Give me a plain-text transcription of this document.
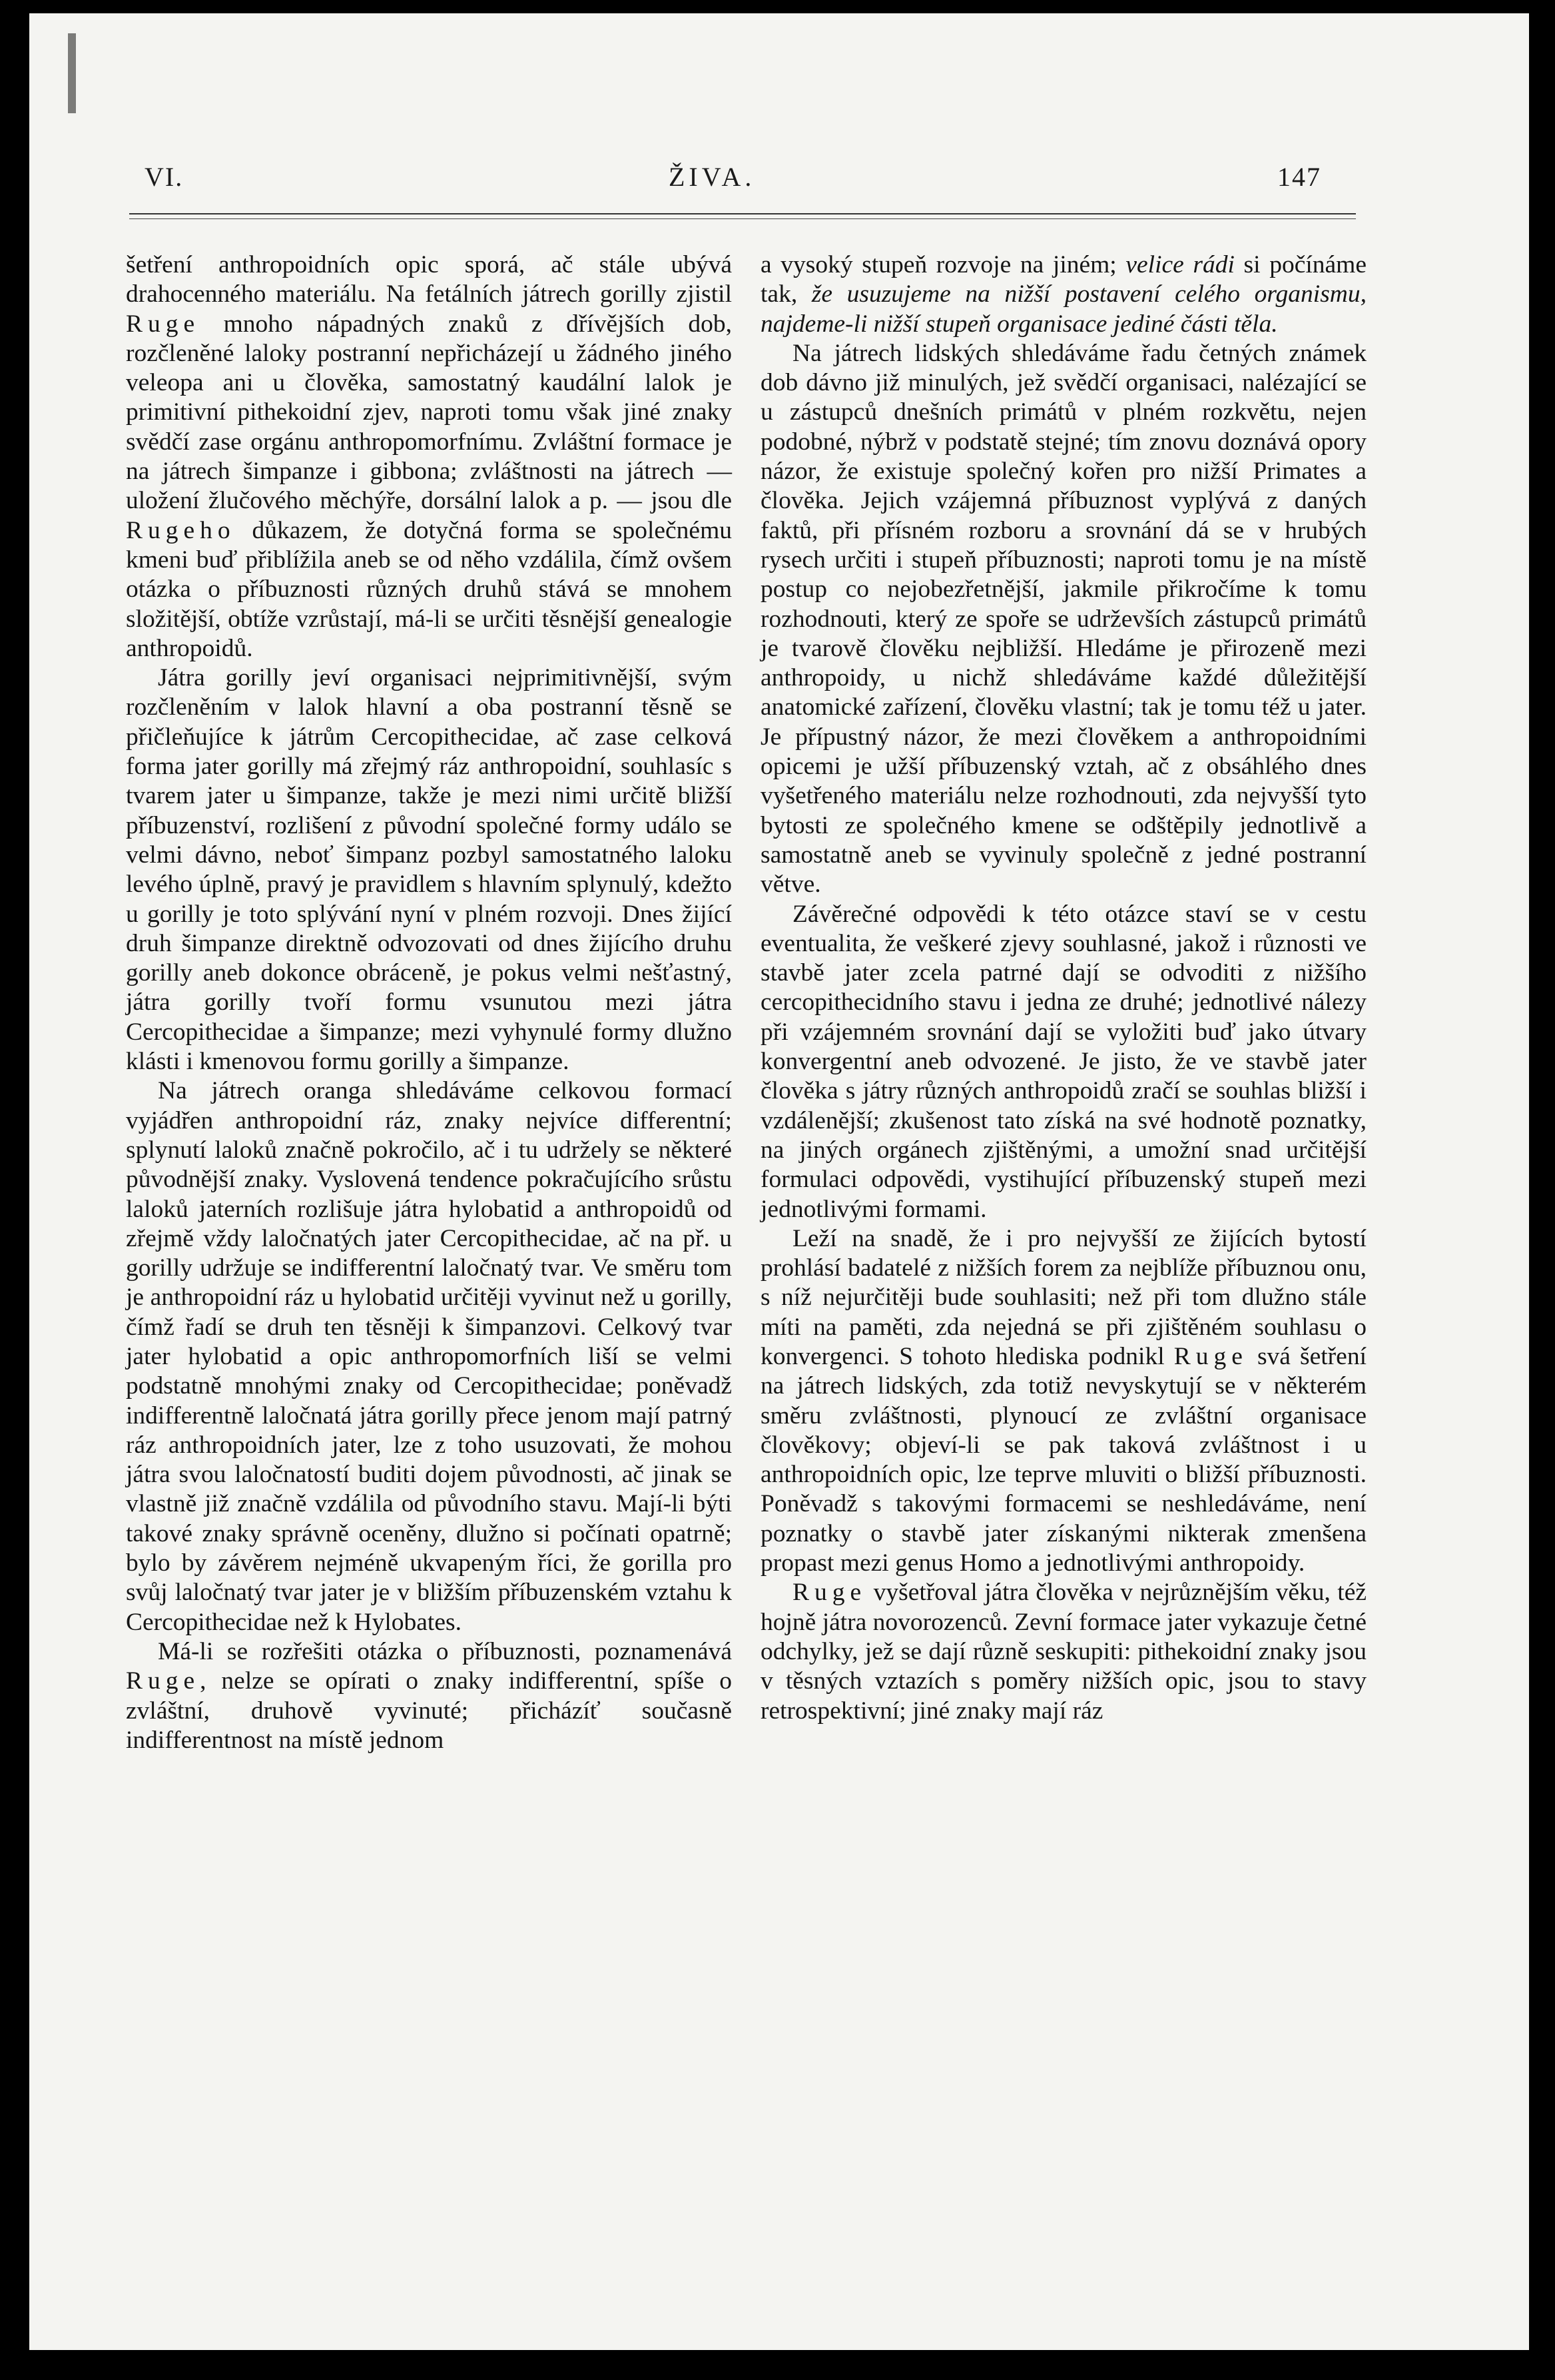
VI.	ŽIVA.	147

šetření anthropoidních opic sporá, ač stále ubývá drahocenného materiálu. Na fetálních játrech gorilly zjistil Ruge mnoho nápadných znaků z dřívějších dob, rozčleněné laloky postranní nepřicházejí u žádného jiného veleopa ani u člověka, samostatný kaudální lalok je primitivní pithekoidní zjev, naproti tomu však jiné znaky svědčí zase orgánu anthropomorfnímu. Zvláštní formace je na játrech šimpanze i gibbona; zvláštnosti na játrech — uložení žlučového měchýře, dorsální lalok a p. — jsou dle Rugeho důkazem, že dotyčná forma se společnému kmeni buď přiblížila aneb se od něho vzdálila, čímž ovšem otázka o příbuznosti různých druhů stává se mnohem složitější, obtíže vzrůstají, má-li se určiti těsnější genealogie anthropoidů.

Játra gorilly jeví organisaci nejprimitivnější, svým rozčleněním v lalok hlavní a oba postranní těsně se přičleňujíce k játrům Cercopithecidae, ač zase celková forma jater gorilly má zřejmý ráz anthropoidní, souhlasíc s tvarem jater u šimpanze, takže je mezi nimi určitě bližší příbuzenství, rozlišení z původní společné formy událo se velmi dávno, neboť šimpanz pozbyl samostatného laloku levého úplně, pravý je pravidlem s hlavním splynulý, kdežto u gorilly je toto splývání nyní v plném rozvoji. Dnes žijící druh šimpanze direktně odvozovati od dnes žijícího druhu gorilly aneb dokonce obráceně, je pokus velmi nešťastný, játra gorilly tvoří formu vsunutou mezi játra Cercopithecidae a šimpanze; mezi vyhynulé formy dlužno klásti i kmenovou formu gorilly a šimpanze.

Na játrech oranga shledáváme celkovou formací vyjádřen anthropoidní ráz, znaky nejvíce differentní; splynutí laloků značně pokročilo, ač i tu udržely se některé původnější znaky. Vyslovená tendence pokračujícího srůstu laloků jaterních rozlišuje játra hylobatid a anthropoidů od zřejmě vždy laločnatých jater Cercopithecidae, ač na př. u gorilly udržuje se indifferentní laločnatý tvar. Ve směru tom je anthropoidní ráz u hylobatid určitěji vyvinut než u gorilly, čímž řadí se druh ten těsněji k šimpanzovi. Celkový tvar jater hylobatid a opic anthropomorfních liší se velmi podstatně mnohými znaky od Cercopithecidae; poněvadž indifferentně laločnatá játra gorilly přece jenom mají patrný ráz anthropoidních jater, lze z toho usuzovati, že mohou játra svou laločnatostí buditi dojem původnosti, ač jinak se vlastně již značně vzdálila od původního stavu. Mají-li býti takové znaky správně oceněny, dlužno si počínati opatrně; bylo by závěrem nejméně ukvapeným říci, že gorilla pro svůj laločnatý tvar jater je v bližším příbuzenském vztahu k Cercopithecidae než k Hylobates.

Má-li se rozřešiti otázka o příbuznosti, poznamenává Ruge, nelze se opírati o znaky indifferentní, spíše o zvláštní, druhově vyvinuté; přicházíť současně indifferentnost na místě jednom

a vysoký stupeň rozvoje na jiném; velice rádi si počínáme tak, že usuzujeme na nižší postavení celého organismu, najdeme-li nižší stupeň organisace jediné části těla.

Na játrech lidských shledáváme řadu četných známek dob dávno již minulých, jež svědčí organisaci, nalézající se u zástupců dnešních primátů v plném rozkvětu, nejen podobné, nýbrž v podstatě stejné; tím znovu doznává opory názor, že existuje společný kořen pro nižší Primates a člověka. Jejich vzájemná příbuznost vyplývá z daných faktů, při přísném rozboru a srovnání dá se v hrubých rysech určiti i stupeň příbuznosti; naproti tomu je na místě postup co nejobezřetnější, jakmile přikročíme k tomu rozhodnouti, který ze spoře se udrževších zástupců primátů je tvarově člověku nejbližší. Hledáme je přirozeně mezi anthropoidy, u nichž shledáváme každé důležitější anatomické zařízení, člověku vlastní; tak je tomu též u jater. Je přípustný názor, že mezi člověkem a anthropoidními opicemi je užší příbuzenský vztah, ač z obsáhlého dnes vyšetřeného materiálu nelze rozhodnouti, zda nejvyšší tyto bytosti ze společného kmene se odštěpily jednotlivě a samostatně aneb se vyvinuly společně z jedné postranní větve.

Závěrečné odpovědi k této otázce staví se v cestu eventualita, že veškeré zjevy souhlasné, jakož i různosti ve stavbě jater zcela patrné dají se odvoditi z nižšího cercopithecidního stavu i jedna ze druhé; jednotlivé nálezy při vzájemném srovnání dají se vyložiti buď jako útvary konvergentní aneb odvozené. Je jisto, že ve stavbě jater člověka s játry různých anthropoidů zračí se souhlas bližší i vzdálenější; zkušenost tato získá na své hodnotě poznatky, na jiných orgánech zjištěnými, a umožní snad určitější formulaci odpovědi, vystihující příbuzenský stupeň mezi jednotlivými formami.

Leží na snadě, že i pro nejvyšší ze žijících bytostí prohlásí badatelé z nižších forem za nejblíže příbuznou onu, s níž nejurčitěji bude souhlasiti; než při tom dlužno stále míti na paměti, zda nejedná se při zjištěném souhlasu o konvergenci. S tohoto hlediska podnikl Ruge svá šetření na játrech lidských, zda totiž nevyskytují se v některém směru zvláštnosti, plynoucí ze zvláštní organisace člověkovy; objeví-li se pak taková zvláštnost i u anthropoidních opic, lze teprve mluviti o bližší příbuznosti. Poněvadž s takovými formacemi se neshledáváme, není poznatky o stavbě jater získanými nikterak zmenšena propast mezi genus Homo a jednotlivými anthropoidy.

Ruge vyšetřoval játra člověka v nejrůznějším věku, též hojně játra novorozenců. Zevní formace jater vykazuje četné odchylky, jež se dají různě seskupiti: pithekoidní znaky jsou v těsných vztazích s poměry nižších opic, jsou to stavy retrospektivní; jiné znaky mají ráz
